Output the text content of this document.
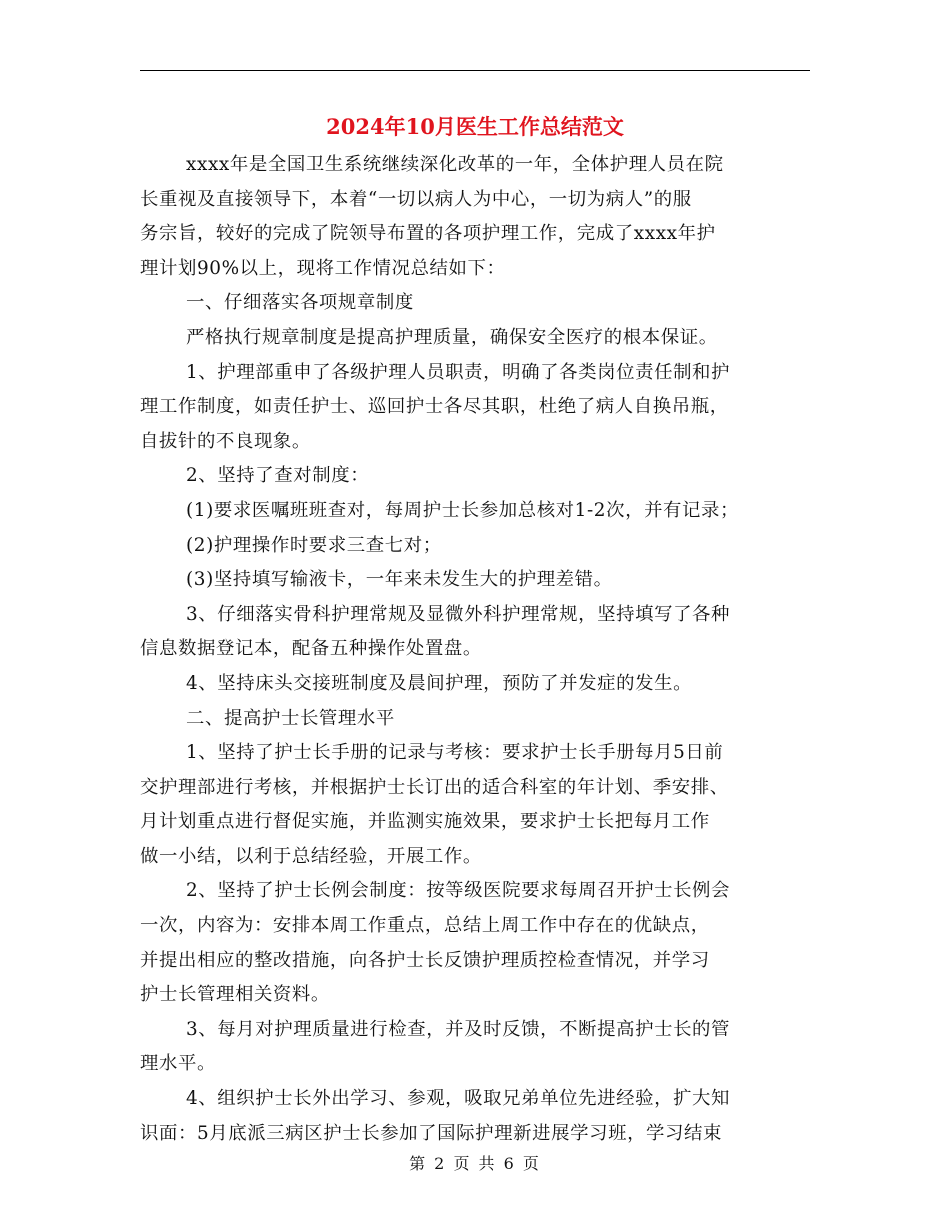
2024年10月医生工作总结范文

xxxx年是全国卫生系统继续深化改革的一年，全体护理人员在院

长重视及直接领导下，本着“一切以病人为中心，一切为病人”的服

务宗旨，较好的完成了院领导布置的各项护理工作，完成了xxxx年护

理计划90%以上，现将工作情况总结如下：

一、仔细落实各项规章制度

严格执行规章制度是提高护理质量，确保安全医疗的根本保证。

1、护理部重申了各级护理人员职责，明确了各类岗位责任制和护

理工作制度，如责任护士、巡回护士各尽其职，杜绝了病人自换吊瓶，

自拔针的不良现象。

2、坚持了查对制度：

(1)要求医嘱班班查对，每周护士长参加总核对1-2次，并有记录；

(2)护理操作时要求三查七对；

(3)坚持填写输液卡，一年来未发生大的护理差错。

3、仔细落实骨科护理常规及显微外科护理常规，坚持填写了各种

信息数据登记本，配备五种操作处置盘。

4、坚持床头交接班制度及晨间护理，预防了并发症的发生。

二、提高护士长管理水平

1、坚持了护士长手册的记录与考核：要求护士长手册每月5日前

交护理部进行考核，并根据护士长订出的适合科室的年计划、季安排、

月计划重点进行督促实施，并监测实施效果，要求护士长把每月工作

做一小结，以利于总结经验，开展工作。

2、坚持了护士长例会制度：按等级医院要求每周召开护士长例会

一次，内容为：安排本周工作重点，总结上周工作中存在的优缺点，

并提出相应的整改措施，向各护士长反馈护理质控检查情况，并学习

护士长管理相关资料。

3、每月对护理质量进行检查，并及时反馈，不断提高护士长的管

理水平。

4、组织护士长外出学习、参观，吸取兄弟单位先进经验，扩大知

识面：5月底派三病区护士长参加了国际护理新进展学习班，学习结束

第 2 页 共 6 页
